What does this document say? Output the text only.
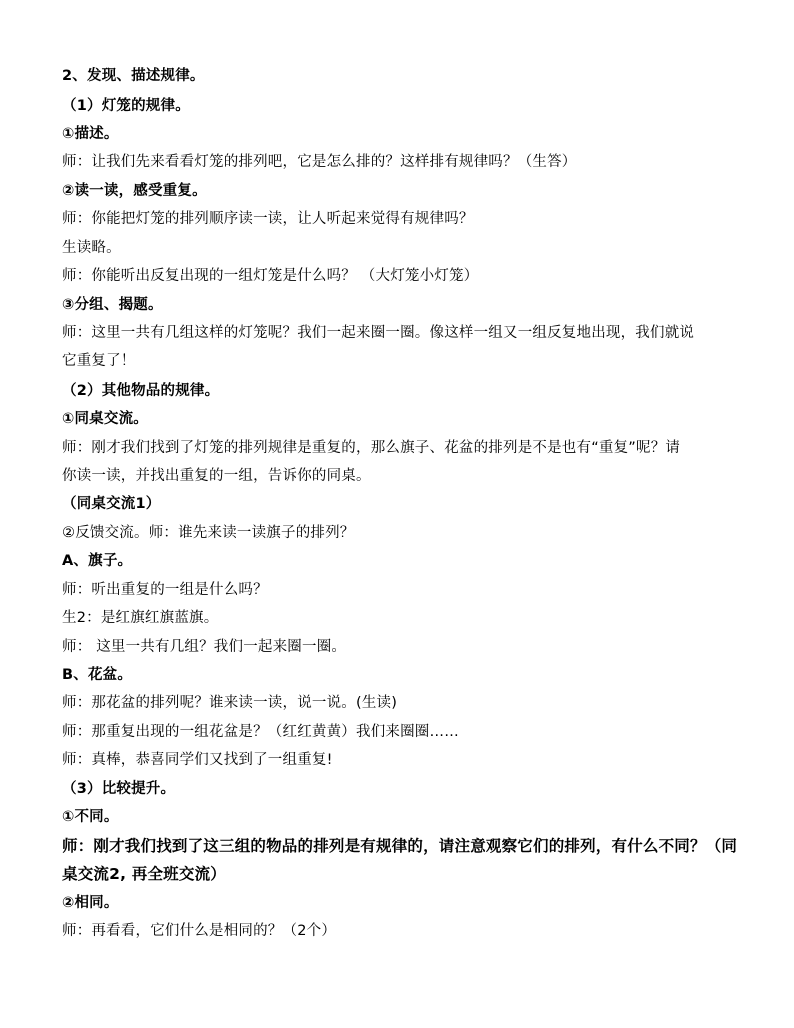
2、发现、描述规律。
（1）灯笼的规律。
①描述。
师：让我们先来看看灯笼的排列吧，它是怎么排的？这样排有规律吗？（生答）
②读一读，感受重复。
师：你能把灯笼的排列顺序读一读，让人听起来觉得有规律吗？
生读略。
师：你能听出反复出现的一组灯笼是什么吗？ （大灯笼小灯笼）
③分组、揭题。
师：这里一共有几组这样的灯笼呢？我们一起来圈一圈。像这样一组又一组反复地出现，我们就说
它重复了！
（2）其他物品的规律。
①同桌交流。
师：刚才我们找到了灯笼的排列规律是重复的，那么旗子、花盆的排列是不是也有“重复”呢？请
你读一读，并找出重复的一组，告诉你的同桌。
（同桌交流1）
②反馈交流。师：谁先来读一读旗子的排列？
A、旗子。
师：听出重复的一组是什么吗？
生2：是红旗红旗蓝旗。
师： 这里一共有几组？我们一起来圈一圈。
B、花盆。
师：那花盆的排列呢？谁来读一读，说一说。(生读)
师：那重复出现的一组花盆是？（红红黄黄）我们来圈圈……
师：真棒，恭喜同学们又找到了一组重复!
（3）比较提升。
①不同。
师：刚才我们找到了这三组的物品的排列是有规律的，请注意观察它们的排列，有什么不同？（同
桌交流2, 再全班交流）
②相同。
师：再看看，它们什么是相同的？（2个）
